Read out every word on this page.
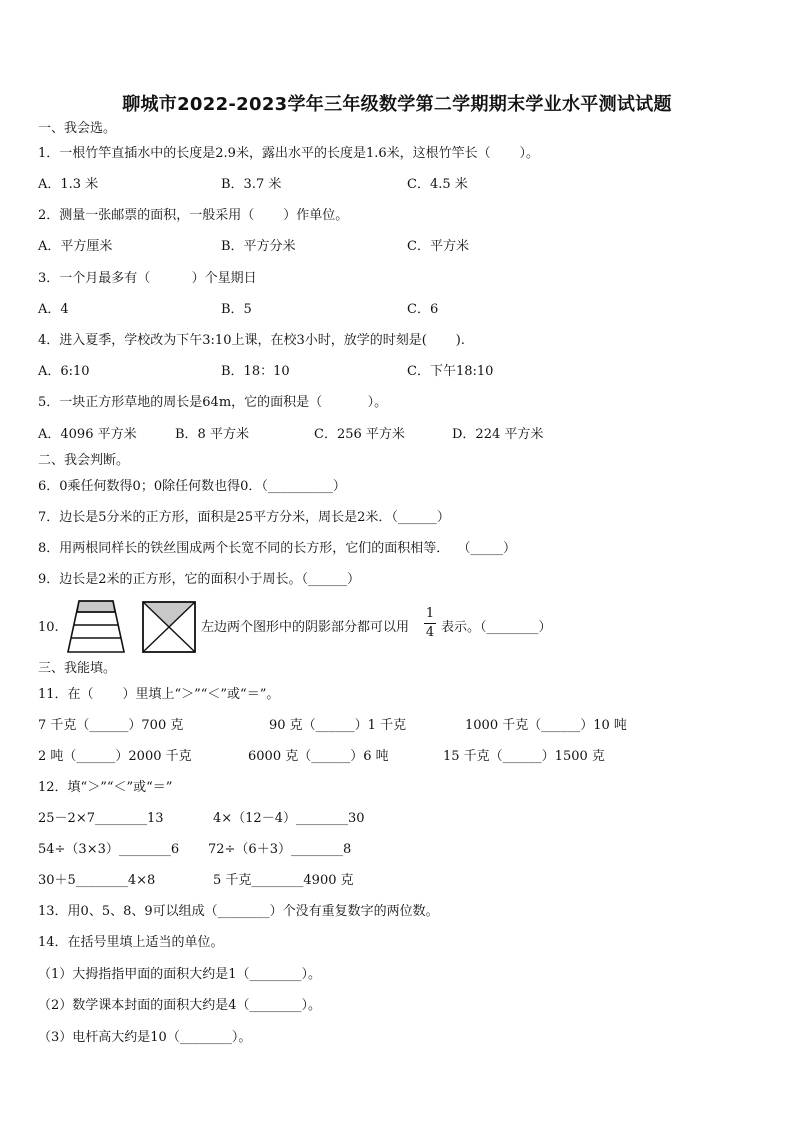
聊城市2022-2023学年三年级数学第二学期期末学业水平测试试题
一、我会选。
1．一根竹竿直插水中的长度是2.9米，露出水平的长度是1.6米，这根竹竿长（       ）。
A．1.3 米	B．3.7 米	C．4.5 米
2．测量一张邮票的面积，一般采用（       ）作单位。
A．平方厘米	B．平方分米	C．平方米
3．一个月最多有（          ）个星期日
A．4	B．5	C．6
4．进入夏季，学校改为下午3:10上课，在校3小时，放学的时刻是(       ).
A．6:10	B．18：10	C．下午18:10
5．一块正方形草地的周长是64m，它的面积是（           ）。
A．4096 平方米	B．8 平方米	C．256 平方米	D．224 平方米
二、我会判断。
6．0乘任何数得0；0除任何数也得0．（__________）
7．边长是5分米的正方形，面积是25平方分米，周长是2米．（______）
8．用两根同样长的铁丝围成两个长宽不同的长方形，它们的面积相等．  （_____）
9．边长是2米的正方形，它的面积小于周长。（______）
10.	左边两个图形中的阴影部分都可以用
1
4 表示。（________）
三、我能填。
11．在（       ）里填上“＞”“＜”或“＝”。
7 千克（______）700 克	90 克（______）1 千克	1000 千克（______）10 吨
2 吨（______）2000 千克	6000 克（______）6 吨	15 千克（______）1500 克
12．填“＞”“＜”或“＝”
25－2×7________13	4×（12－4）________30
54÷（3×3）________6 72÷（6＋3）________8
30＋5________4×8	5 千克________4900 克
13．用0、5、8、9可以组成（________）个没有重复数字的两位数。
14．在括号里填上适当的单位。
（1）大拇指指甲面的面积大约是1（________）。
（2）数学课本封面的面积大约是4（________）。
（3）电杆高大约是10（________）。
